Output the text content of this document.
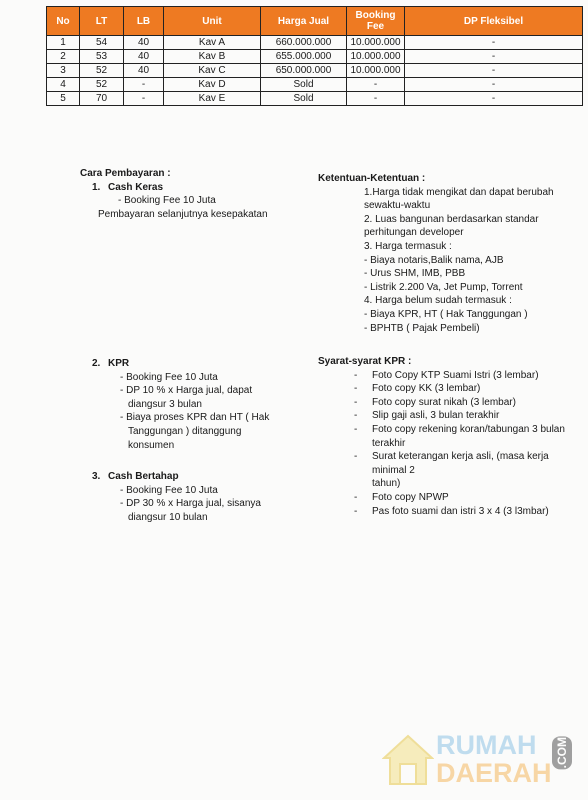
No	LT	LB	Unit	Harga Jual	Booking Fee	DP Fleksibel
1	54	40	Kav A	660.000.000	10.000.000	-
2	53	40	Kav B	655.000.000	10.000.000	-
3	52	40	Kav C	650.000.000	10.000.000	-
4	52	-	Kav D	Sold	-	-
5	70	-	Kav E	Sold	-	-

Cara Pembayaran :

1. Cash Keras

- Booking Fee 10 Juta

Pembayaran selanjutnya kesepakatan

2. KPR

- Booking Fee 10 Juta

- DP 10 % x Harga jual, dapat

diangsur 3 bulan

- Biaya proses KPR dan HT ( Hak

Tanggungan ) ditanggung

konsumen

3. Cash Bertahap

- Booking Fee 10 Juta

- DP 30 % x Harga jual, sisanya

diangsur 10 bulan

Ketentuan-Ketentuan :

1.Harga tidak mengikat dan dapat berubah

sewaktu-waktu

2. Luas bangunan berdasarkan standar

perhitungan developer

3. Harga termasuk :

- Biaya notaris,Balik nama, AJB

- Urus SHM, IMB, PBB

- Listrik 2.200 Va, Jet Pump, Torrent

4. Harga belum sudah termasuk :

- Biaya KPR, HT ( Hak Tanggungan )

- BPHTB ( Pajak Pembeli)

Syarat-syarat KPR :

-	Foto Copy KTP Suami Istri (3 lembar)
-	Foto copy KK (3 lembar)
-	Foto copy surat nikah (3 lembar)
-	Slip gaji asli, 3 bulan terakhir
-	Foto copy rekening koran/tabungan 3 bulan

terakhir

-	Surat keterangan kerja asli, (masa kerja minimal 2

tahun)

-	Foto copy NPWP
-	Pas foto suami dan istri 3 x 4 (3 l3mbar)
RUMAH
DAERAH
.COM
